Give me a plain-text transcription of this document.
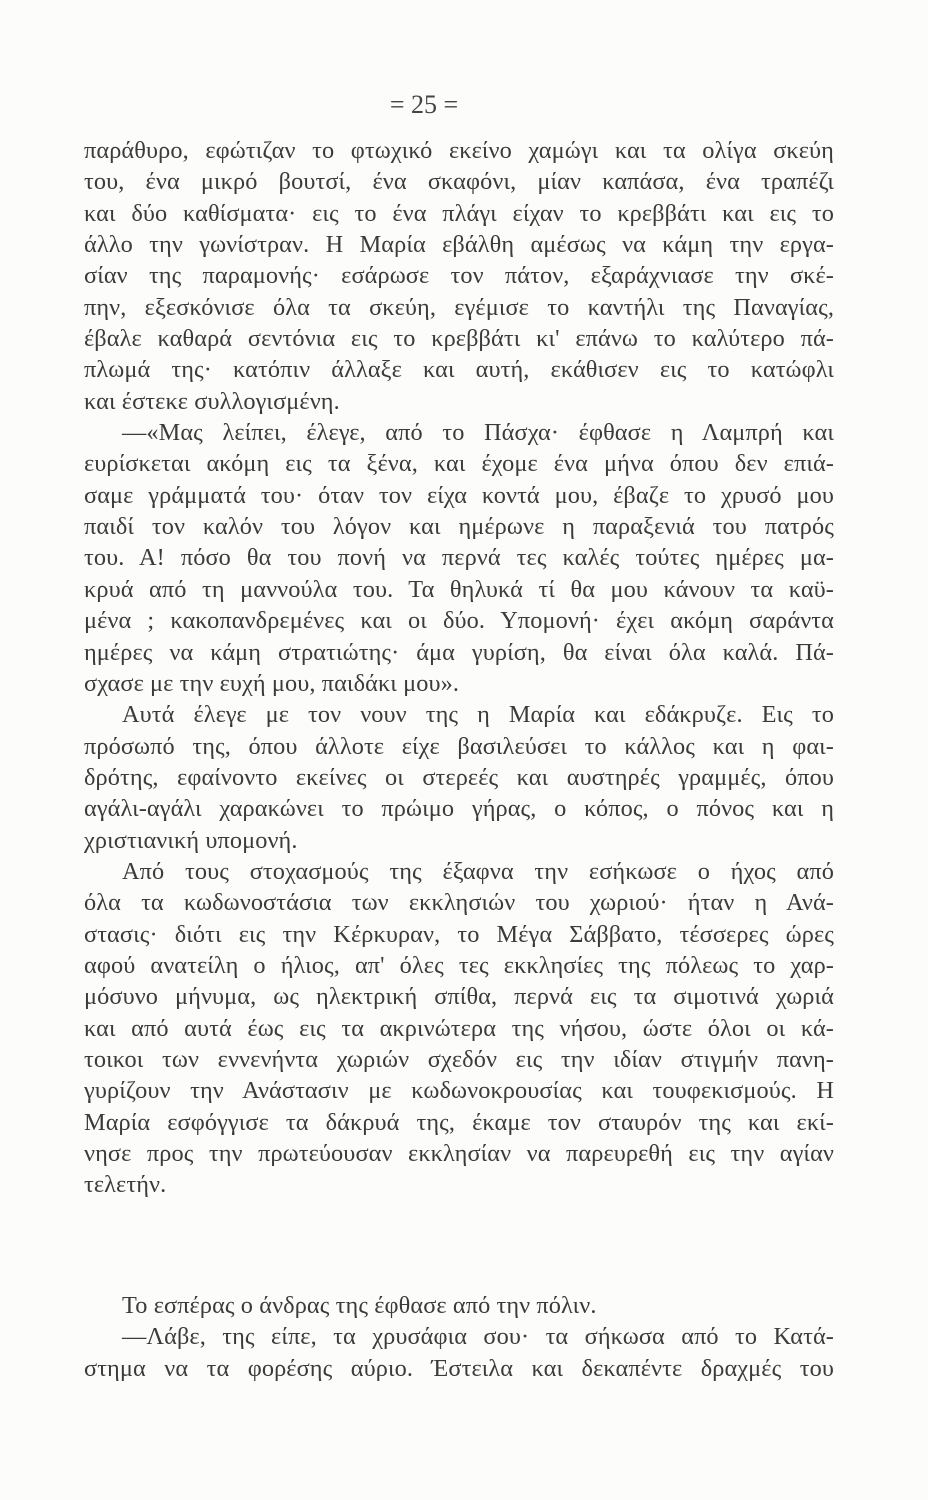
= 25 =
παράθυρο, εφώτιζαν το φτωχικό εκείνο χαμώγι και τα ολίγα σκεύη
του, ένα μικρό βουτσί, ένα σκαφόνι, μίαν καπάσα, ένα τραπέζι
και δύο καθίσματα· εις το ένα πλάγι είχαν το κρεββάτι και εις το
άλλο την γωνίστραν. Η Μαρία εβάλθη αμέσως να κάμη την εργα-
σίαν της παραμονής· εσάρωσε τον πάτον, εξαράχνιασε την σκέ-
πην, εξεσκόνισε όλα τα σκεύη, εγέμισε το καντήλι της Παναγίας,
έβαλε καθαρά σεντόνια εις το κρεββάτι κι' επάνω το καλύτερο πά-
πλωμά της· κατόπιν άλλαξε και αυτή, εκάθισεν εις το κατώφλι
και έστεκε συλλογισμένη.
—«Μας λείπει, έλεγε, από το Πάσχα· έφθασε η Λαμπρή και
ευρίσκεται ακόμη εις τα ξένα, και έχομε ένα μήνα όπου δεν επιά-
σαμε γράμματά του· όταν τον είχα κοντά μου, έβαζε το χρυσό μου
παιδί τον καλόν του λόγον και ημέρωνε η παραξενιά του πατρός
του. Α! πόσο θα του πονή να περνά τες καλές τούτες ημέρες μα-
κρυά από τη μαννούλα του. Τα θηλυκά τί θα μου κάνουν τα καϋ-
μένα ; κακοπανδρεμένες και οι δύο. Υπομονή· έχει ακόμη σαράντα
ημέρες να κάμη στρατιώτης· άμα γυρίση, θα είναι όλα καλά. Πά-
σχασε με την ευχή μου, παιδάκι μου».
Αυτά έλεγε με τον νουν της η Μαρία και εδάκρυζε. Εις το
πρόσωπό της, όπου άλλοτε είχε βασιλεύσει το κάλλος και η φαι-
δρότης, εφαίνοντο εκείνες οι στερεές και αυστηρές γραμμές, όπου
αγάλι-αγάλι χαρακώνει το πρώιμο γήρας, ο κόπος, ο πόνος και η
χριστιανική υπομονή.
Από τους στοχασμούς της έξαφνα την εσήκωσε ο ήχος από
όλα τα κωδωνοστάσια των εκκλησιών του χωριού· ήταν η Ανά-
στασις· διότι εις την Κέρκυραν, το Μέγα Σάββατο, τέσσερες ώρες
αφού ανατείλη ο ήλιος, απ' όλες τες εκκλησίες της πόλεως το χαρ-
μόσυνο μήνυμα, ως ηλεκτρική σπίθα, περνά εις τα σιμοτινά χωριά
και από αυτά έως εις τα ακρινώτερα της νήσου, ώστε όλοι οι κά-
τοικοι των εννενήντα χωριών σχεδόν εις την ιδίαν στιγμήν πανη-
γυρίζουν την Ανάστασιν με κωδωνοκρουσίας και τουφεκισμούς. Η
Μαρία εσφόγγισε τα δάκρυά της, έκαμε τον σταυρόν της και εκί-
νησε προς την πρωτεύουσαν εκκλησίαν να παρευρεθή εις την αγίαν
τελετήν.
Το εσπέρας ο άνδρας της έφθασε από την πόλιν.
—Λάβε, της είπε, τα χρυσάφια σου· τα σήκωσα από το Κατά-
στημα να τα φορέσης αύριο. Έστειλα και δεκαπέντε δραχμές του
